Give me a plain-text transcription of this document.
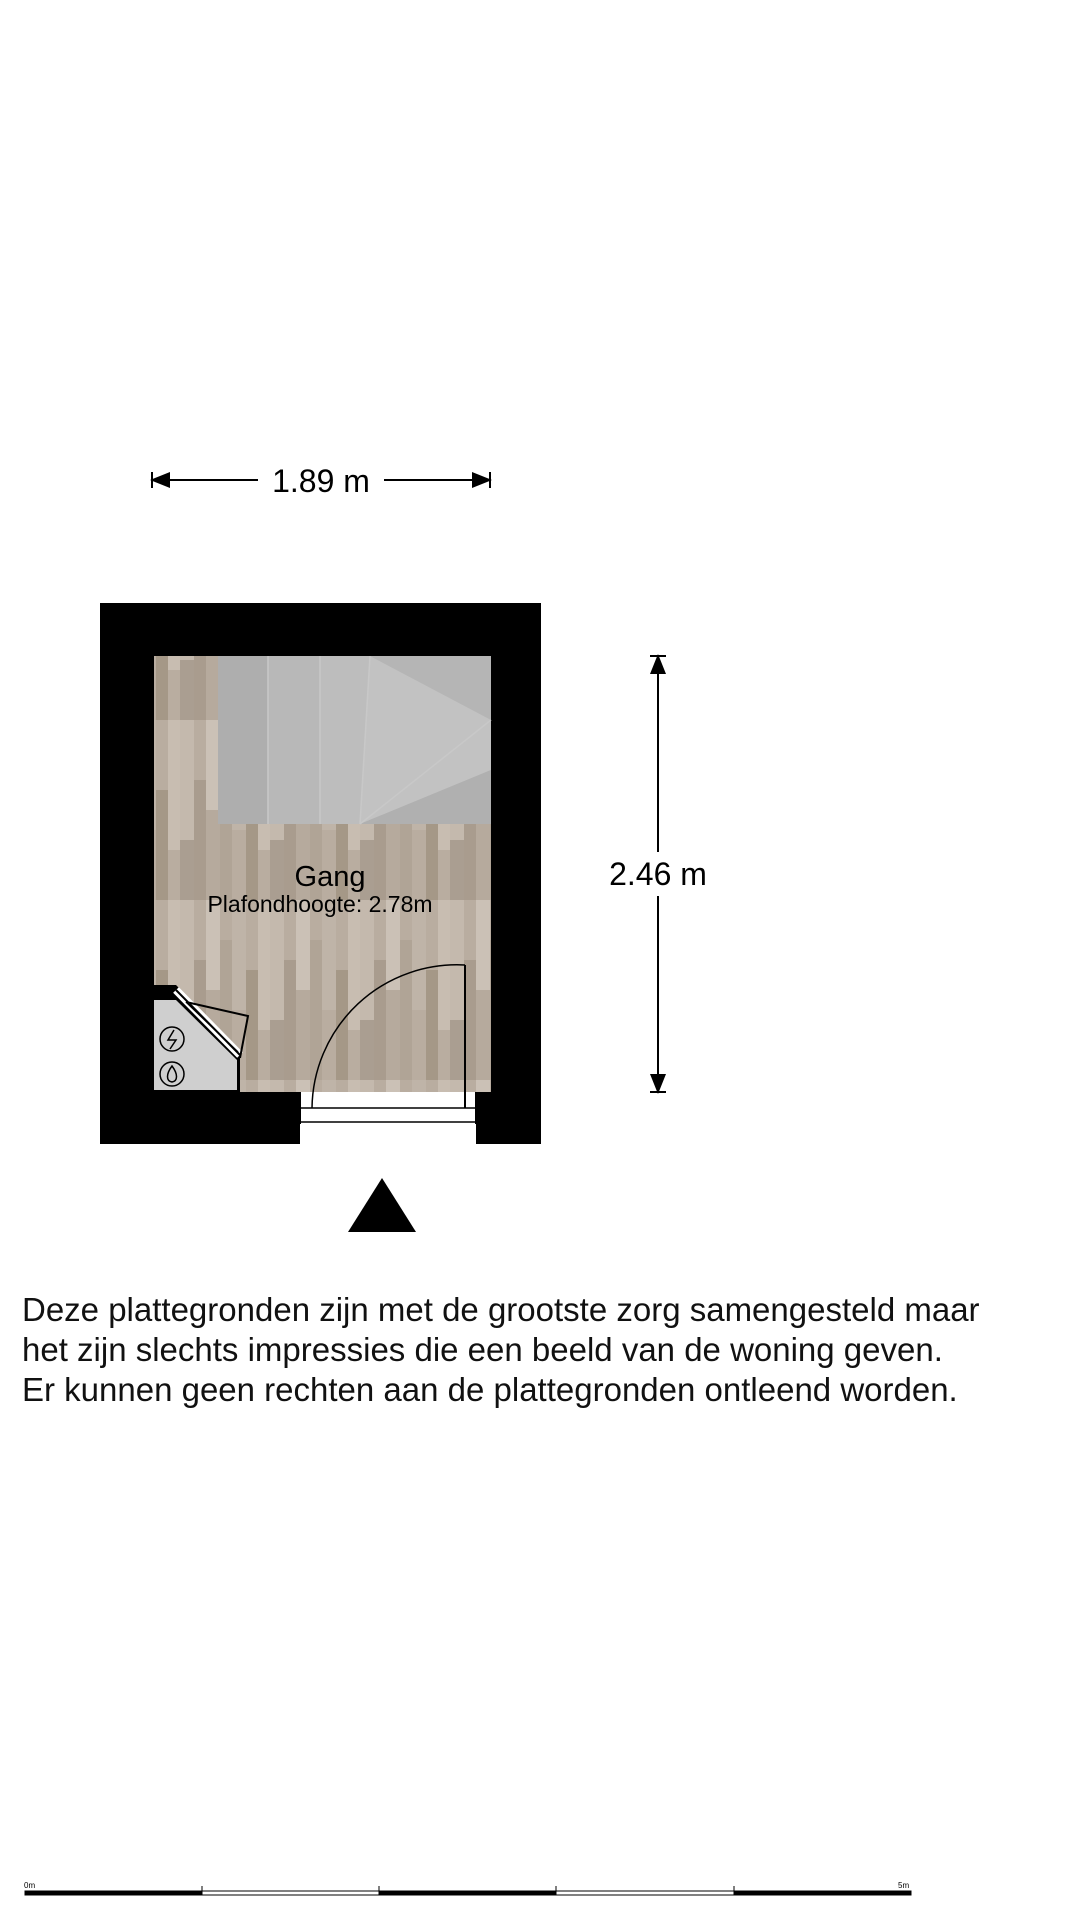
1.89 m
Gang
Plafondhoogte: 2.78m
2.46 m
0m	5m
Deze plattegronden zijn met de grootste zorg samengesteld maar
het zijn slechts impressies die een beeld van de woning geven.
Er kunnen geen rechten aan de plattegronden ontleend worden.
